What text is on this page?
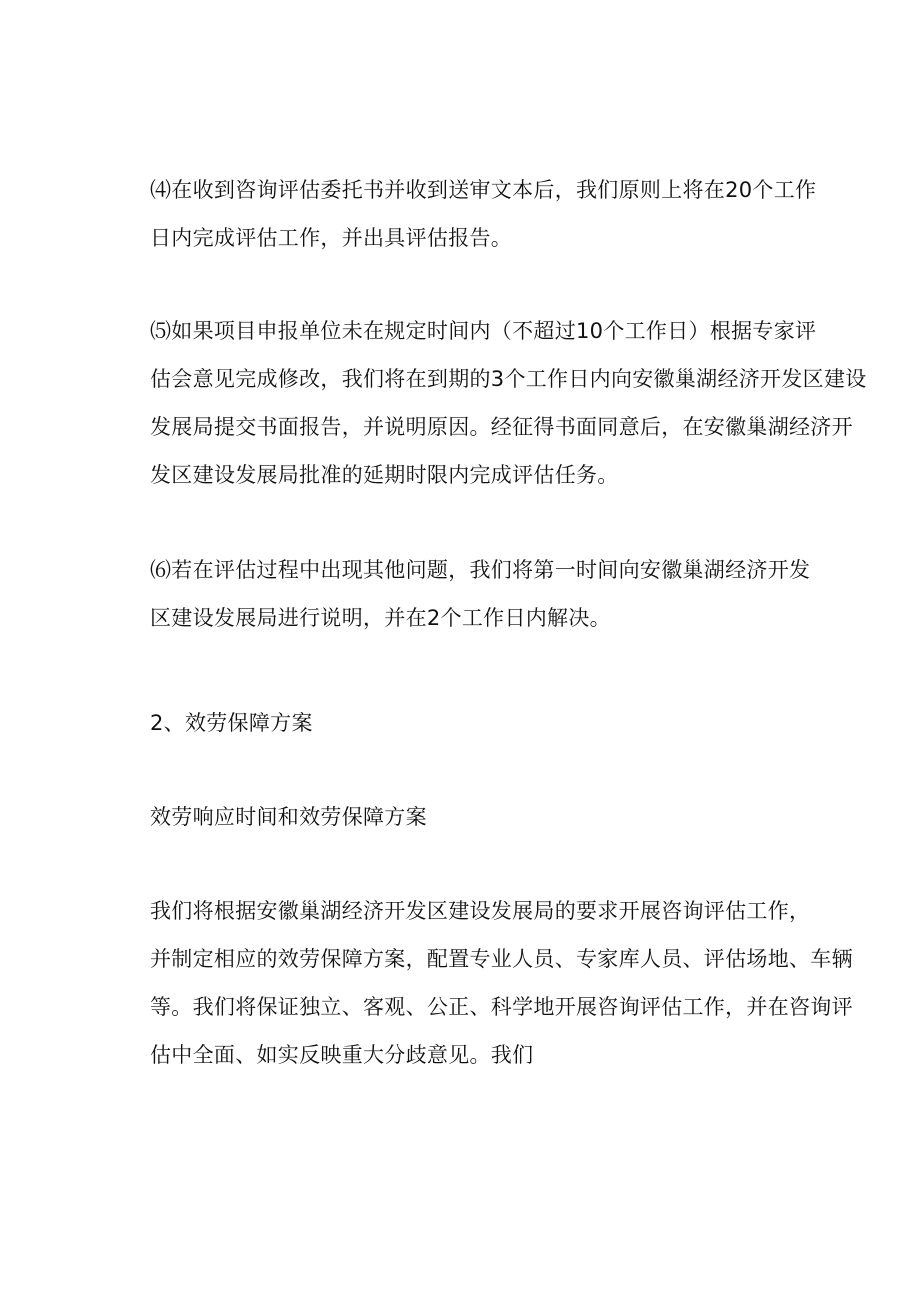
⑷在收到咨询评估委托书并收到送审文本后，我们原则上将在20个工作
日内完成评估工作，并出具评估报告。
⑸如果项目申报单位未在规定时间内（不超过10个工作日）根据专家评
估会意见完成修改，我们将在到期的3个工作日内向安徽巢湖经济开发区建设
发展局提交书面报告，并说明原因。经征得书面同意后，在安徽巢湖经济开
发区建设发展局批准的延期时限内完成评估任务。
⑹若在评估过程中出现其他问题，我们将第一时间向安徽巢湖经济开发
区建设发展局进行说明，并在2个工作日内解决。
2、效劳保障方案
效劳响应时间和效劳保障方案
我们将根据安徽巢湖经济开发区建设发展局的要求开展咨询评估工作，
并制定相应的效劳保障方案，配置专业人员、专家库人员、评估场地、车辆
等。我们将保证独立、客观、公正、科学地开展咨询评估工作，并在咨询评
估中全面、如实反映重大分歧意见。我们
